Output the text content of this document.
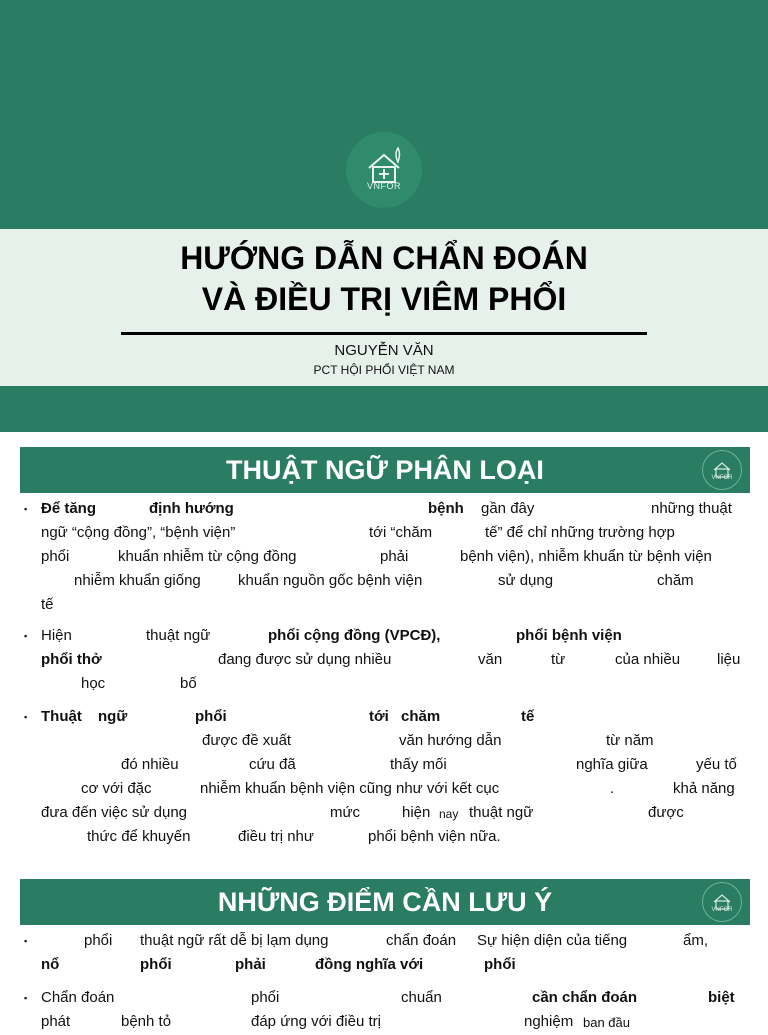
VNFOR
HƯỚNG DẪN CHẨN ĐOÁN
VÀ ĐIỀU TRỊ VIÊM PHỔI
NGUYỄN VĂN
PCT HỘI PHỔI VIỆT NAM
THUẬT NGỮ PHÂN LOẠI	VNFOR
▪ Để tăng	định hướng	bệnh gần đây	những thuật
ngữ “cộng đồng”, “bệnh viện”	tới “chăm	tế” để chỉ những trường hợp
phổi	khuẩn nhiễm từ cộng đồng	phải	bệnh viện), nhiễm khuẩn từ bệnh viện
nhiễm khuẩn giống khuẩn nguồn gốc bệnh viện	sử dụng	chăm
tế
▪ Hiện	thuật ngữ	phổi cộng đồng (VPCĐ),	phổi bệnh viện
phổi thở	đang được sử dụng nhiều	văn	từ	của nhiều liệu
học	bố
▪ Thuật ngữ	phổi	tới chăm	tế
được đề xuất	văn hướng dẫn	từ năm
đó nhiều	cứu đã	thấy mối	nghĩa giữa	yếu tố
cơ với đặc	nhiễm khuẩn bệnh viện cũng như với kết cục	.	khả năng
đưa đến việc sử dụng	mức	hiện nay thuật ngữ	được
thức để khuyến	điều trị như	phổi bệnh viện nữa.
NHỮNG ĐIỂM CẦN LƯU Ý	VNFOR
▪	phổi thuật ngữ rất dễ bị lạm dụng	chẩn đoán Sự hiện diện của tiếng	ẩm,
nổ	phổi	phải	đồng nghĩa với	phổi
▪ Chẩn đoán	phổi	chuẩn	cần chẩn đoán	biệt
phát	bệnh tỏ	đáp ứng với điều trị	nghiệm ban đầu
